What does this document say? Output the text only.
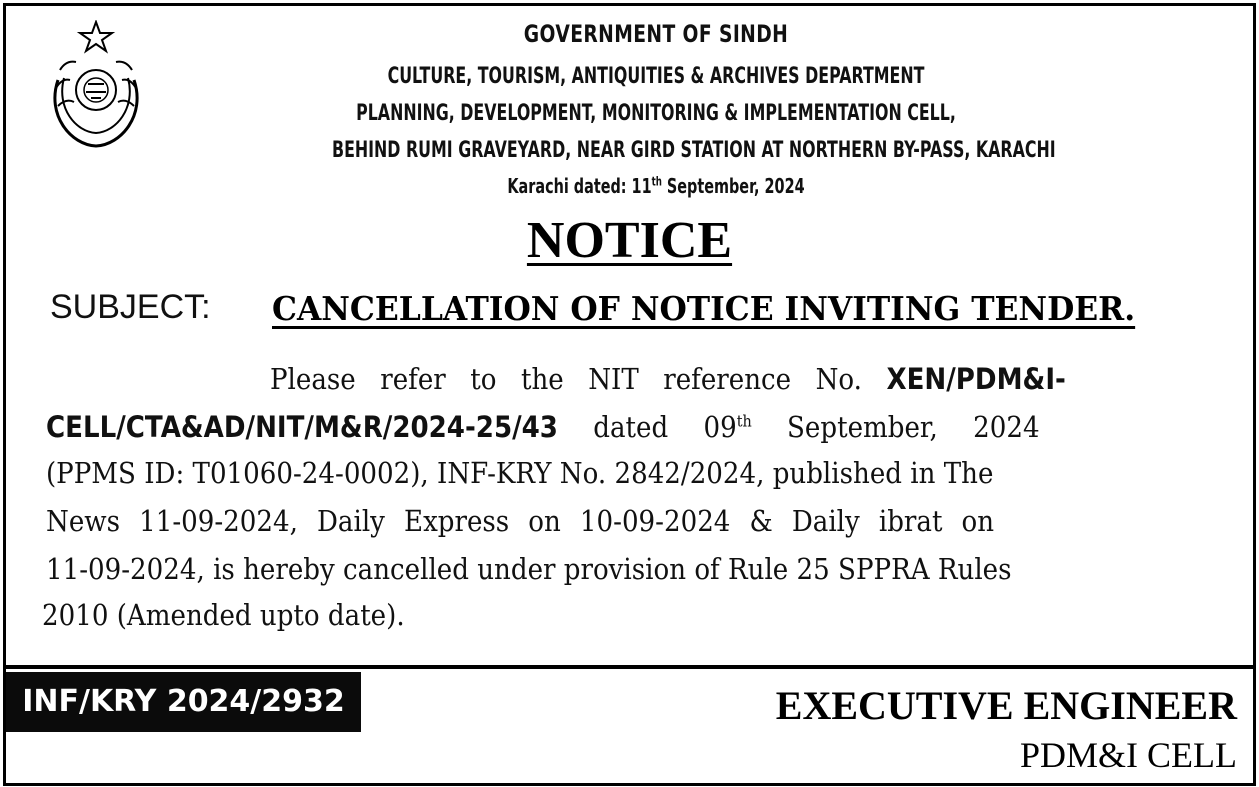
GOVERNMENT OF SINDH
CULTURE, TOURISM, ANTIQUITIES & ARCHIVES DEPARTMENT
PLANNING, DEVELOPMENT, MONITORING & IMPLEMENTATION CELL,
BEHIND RUMI GRAVEYARD, NEAR GIRD STATION AT NORTHERN BY-PASS, KARACHI
Karachi dated: 11th September, 2024
NOTICE
SUBJECT: CANCELLATION OF NOTICE INVITING TENDER.
Please refer to the NIT reference No. XEN/PDM&I-
CELL/CTA&AD/NIT/M&R/2024-25/43 dated 09th September, 2024
(PPMS ID: T01060-24-0002), INF-KRY No. 2842/2024, published in The
News 11-09-2024, Daily Express on 10-09-2024 & Daily ibrat on
11-09-2024, is hereby cancelled under provision of Rule 25 SPPRA Rules
2010 (Amended upto date).
INF/KRY 2024/2932	EXECUTIVE ENGINEER
PDM&I CELL
